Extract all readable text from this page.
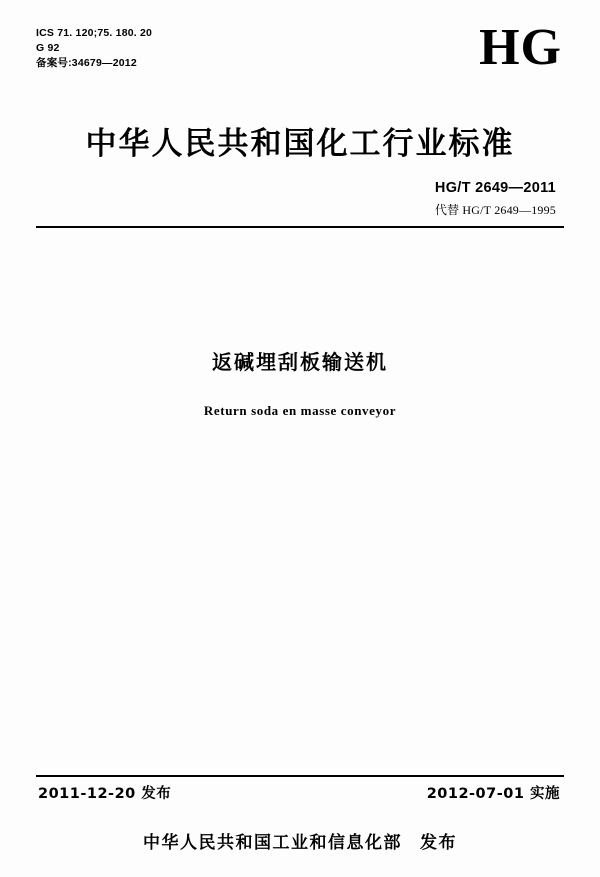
ICS 71. 120;75. 180. 20
G 92
备案号:34679—2012	HG
中华人民共和国化工行业标准
HG/T 2649—2011
代替 HG/T 2649—1995
返碱埋刮板输送机
Return soda en masse conveyor
2011-12-20 发布	2012-07-01 实施
中华人民共和国工业和信息化部 发布
